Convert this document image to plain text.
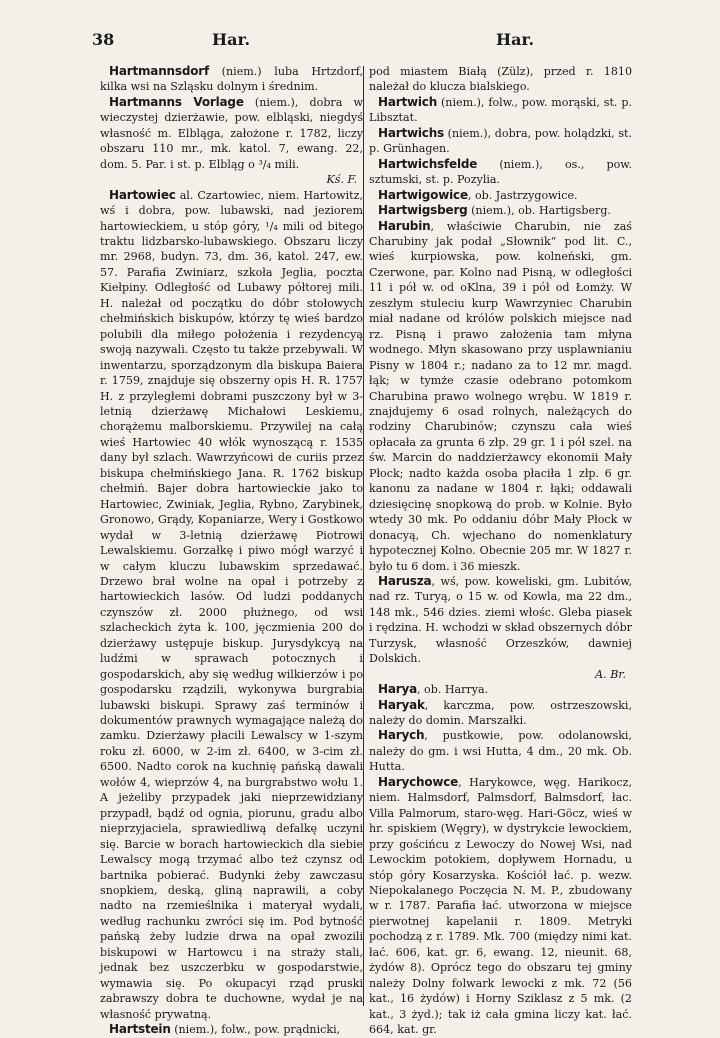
38	Har.	Har.

Hartmannsdorf (niem.) luba Hrtzdorf, kilka wsi na Szląsku dolnym i średnim.

Hartmanns Vorlage (niem.), dobra w wieczystej dzierżawie, pow. elbląski, niegdyś własność m. Elbląga, założone r. 1782, liczy obszaru 110 mr., mk. katol. 7, ewang. 22, dom. 5. Par. i st. p. Elbląg o ³/₄ mili.
Kś. F.

Hartowiec al. Czartowiec, niem. Hartowitz, wś i dobra, pow. lubawski, nad jeziorem hartowieckiem, u stóp góry, ¹/₄ mili od bitego traktu lidzbarsko-lubawskiego. Obszaru liczy mr. 2968, budyn. 73, dm. 36, katol. 247, ew. 57. Parafia Zwiniarz, szkoła Jeglia, poczta Kiełpiny. Odległość od Lubawy półtorej mili. H. należał od początku do dóbr stołowych chełmińskich biskupów, którzy tę wieś bardzo polubili dla miłego położenia i rezydencyą swoją nazywali. Często tu także przebywali. W inwentarzu, sporządzonym dla biskupa Baiera r. 1759, znajduje się obszerny opis H. R. 1757 H. z przyległemi dobrami puszczony był w 3-letnią dzierżawę Michałowi Leskiemu, chorążemu malborskiemu. Przywilej na całą wieś Hartowiec 40 włók wynoszącą r. 1535 dany był szlach. Wawrzyńcowi de curiis przez biskupa chełmińskiego Jana. R. 1762 biskup chełmiń. Bajer dobra hartowieckie jako to Hartowiec, Zwiniak, Jeglia, Rybno, Zarybinek, Gronowo, Grądy, Kopaniarze, Wery i Gostkowo wydał w 3-letnią dzierżawę Piotrowi Lewalskiemu. Gorzałkę i piwo mógł warzyć i w całym kluczu lubawskim sprzedawać. Drzewo brał wolne na opał i potrzeby z hartowieckich lasów. Od ludzi poddanych czynszów zł. 2000 płużnego, od wsi szlacheckich żyta k. 100, jęczmienia 200 do dzierżawy ustępuje biskup. Jurysdykcyą na ludźmi w sprawach potocznych i gospodarskich, aby się według wilkierzów i po gospodarsku rządzili, wykonywa burgrabia lubawski biskupi. Sprawy zaś terminów i dokumentów prawnych wymagające należą do zamku. Dzierżawy płacili Lewalscy w 1-szym roku zł. 6000, w 2-im zł. 6400, w 3-cim zł. 6500. Nadto corok na kuchnię pańską dawali wołów 4, wieprzów 4, na burgrabstwo wołu 1. A jeżeliby przypadek jaki nieprzewidziany przypadł, bądź od ognia, piorunu, gradu albo nieprzyjaciela, sprawiedliwą defalkę uczyni się. Barcie w borach hartowieckich dla siebie Lewalscy mogą trzymać albo też czynsz od bartnika pobierać. Budynki żeby zawczasu snopkiem, deską, gliną naprawili, a coby nadto na rzemieślnika i materyał wydali, według rachunku zwróci się im. Pod bytność pańską żeby ludzie drwa na opał zwozili biskupowi w Hartowcu i na straży stali, jednak bez uszczerbku w gospodarstwie, wymawia się. Po okupacyi rząd pruski zabrawszy dobra te duchowne, wydał je na własność prywatną.

Hartstein (niem.), folw., pow. prądnicki,

pod miastem Białą (Zülz), przed r. 1810 należał do klucza bialskiego.

Hartwich (niem.), folw., pow. morąski, st. p. Libsztat.

Hartwichs (niem.), dobra, pow. holądzki, st. p. Grünhagen.

Hartwichsfelde (niem.), os., pow. sztumski, st. p. Pozylia.

Hartwigowice, ob. Jastrzygowice.

Hartwigsberg (niem.), ob. Hartigsberg.

Harubin, właściwie Charubin, nie zaś Charubiny jak podał „Słownik“ pod lit. C., wieś kurpiowska, pow. kolneński, gm. Czerwone, par. Kolno nad Pisną, w odległości 11 i pół w. od oKlna, 39 i pół od Łomży. W zeszłym stuleciu kurp Wawrzyniec Charubin miał nadane od królów polskich miejsce nad rz. Pisną i prawo założenia tam młyna wodnego. Młyn skasowano przy usplawnianiu Pisny w 1804 r.; nadano za to 12 mr. magd. łąk; w tymże czasie odebrano potomkom Charubina prawo wolnego wrębu. W 1819 r. znajdujemy 6 osad rolnych, należących do rodziny Charubinów; czynszu cała wieś opłacała za grunta 6 złp. 29 gr. 1 i pół szel. na św. Marcin do naddzierżawcy ekonomii Mały Płock; nadto każda osoba płaciła 1 złp. 6 gr. kanonu za nadane w 1804 r. łąki; oddawali dziesięcinę snopkową do prob. w Kolnie. Było wtedy 30 mk. Po oddaniu dóbr Mały Płock w donacyą, Ch. wjechano do nomenklatury hypotecznej Kolno. Obecnie 205 mr. W 1827 r. było tu 6 dom. i 36 mieszk.

Harusza, wś, pow. koweliski, gm. Lubitów, nad rz. Turyą, o 15 w. od Kowla, ma 22 dm., 148 mk., 546 dzies. ziemi włośc. Gleba piasek i rędzina. H. wchodzi w skład obszernych dóbr Turzysk, własność Orzeszków, dawniej Dolskich.
A. Br.

Harya, ob. Harrya.

Haryak, karczma, pow. ostrzeszowski, należy do domin. Marszałki.

Harych, pustkowie, pow. odolanowski, należy do gm. i wsi Hutta, 4 dm., 20 mk. Ob. Hutta.

Harychowce, Harykowce, węg. Harikocz, niem. Halmsdorf, Palmsdorf, Balmsdorf, łac. Villa Palmorum, staro-węg. Hari-Göcz, wieś w hr. spiskiem (Węgry), w dystrykcie lewockiem, przy gościńcu z Lewoczy do Nowej Wsi, nad Lewockim potokiem, dopływem Hornadu, u stóp góry Kosarzyska. Kościół łać. p. wezw. Niepokalanego Poczęcia N. M. P., zbudowany w r. 1787. Parafia łać. utworzona w miejsce pierwotnej kapelanii r. 1809. Metryki pochodzą z r. 1789. Mk. 700 (między nimi kat. łać. 606, kat. gr. 6, ewang. 12, nieunit. 68, żydów 8). Oprócz tego do obszaru tej gminy należy Dolny folwark lewocki z mk. 72 (56 kat., 16 żydów) i Horny Sziklasz z 5 mk. (2 kat., 3 żyd.); tak iż cała gmina liczy kat. łać. 664, kat. gr.
